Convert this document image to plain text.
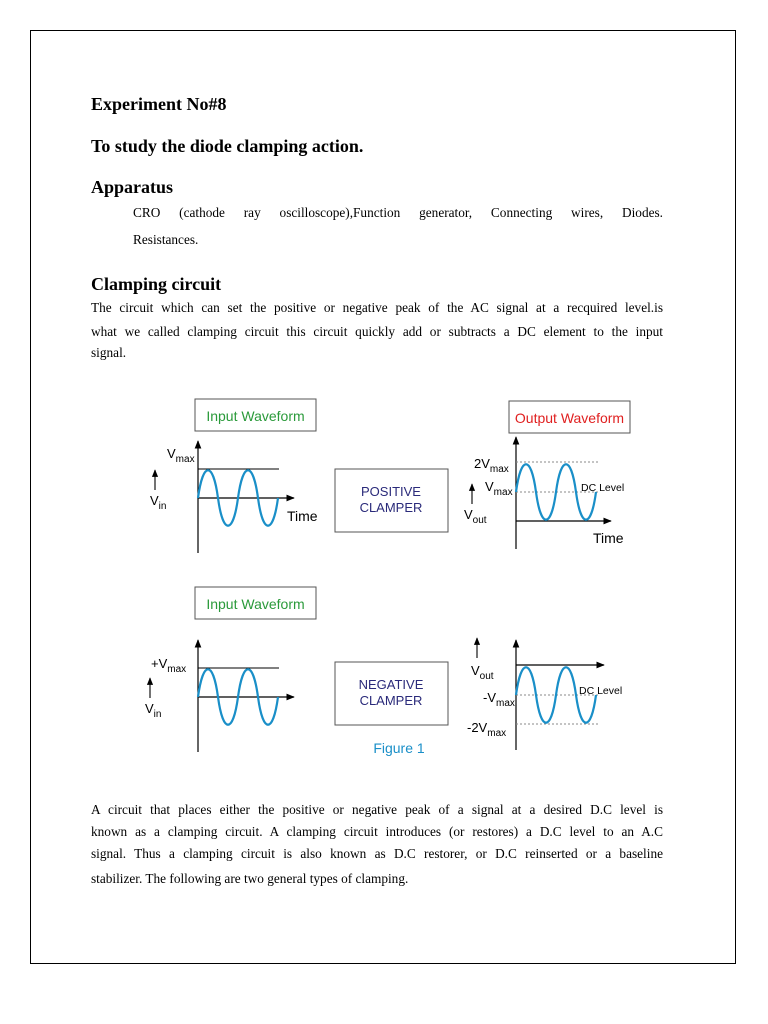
Experiment No#8
To study the diode clamping action.
Apparatus
CRO (cathode ray oscilloscope),Function generator, Connecting wires, Diodes.
Resistances.
Clamping circuit
The circuit which can set the positive or negative peak of the AC signal at a recquired level.is
what we called clamping circuit this circuit quickly add or subtracts a DC element to the input
signal.
Input Waveform
$V_{max}$
$V_{in}$
Time
POSITIVE
CLAMPER
Output Waveform
$2V_{max}$
$V_{max}$	DC Level
$V_{out}$
Time
Input Waveform
$+V_{max}$
$V_{in}$
NEGATIVE
CLAMPER
Figure 1
$V_{out}$
$-V_{max}$
DC Level
$-2V_{max}$
A circuit that places either the positive or negative peak of a signal at a desired D.C level is
known as a clamping circuit. A clamping circuit introduces (or restores) a D.C level to an A.C
signal. Thus a clamping circuit is also known as D.C restorer, or D.C reinserted or a baseline
stabilizer. The following are two general types of clamping.
